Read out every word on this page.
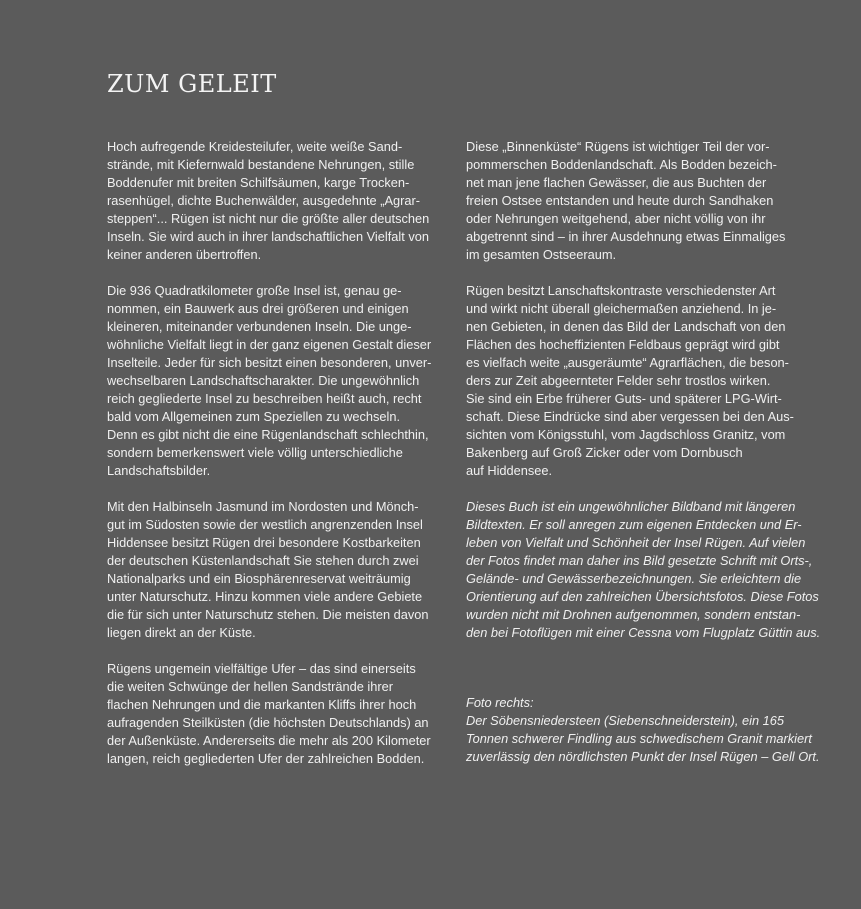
ZUM GELEIT

Hoch aufregende Kreidesteilufer, weite weiße Sand-
strände, mit Kiefernwald bestandene Nehrungen, stille
Boddenufer mit breiten Schilfsäumen, karge Trocken-
rasenhügel, dichte Buchenwälder, ausgedehnte „Agrar-
steppen“... Rügen ist nicht nur die größte aller deutschen
Inseln. Sie wird auch in ihrer landschaftlichen Vielfalt von
keiner anderen übertroffen.

Die 936 Quadratkilometer große Insel ist, genau ge-
nommen, ein Bauwerk aus drei größeren und einigen
kleineren, miteinander verbundenen Inseln. Die unge-
wöhnliche Vielfalt liegt in der ganz eigenen Gestalt dieser
Inselteile. Jeder für sich besitzt einen besonderen, unver-
wechselbaren Landschaftscharakter. Die ungewöhnlich
reich gegliederte Insel zu beschreiben heißt auch, recht
bald vom Allgemeinen zum Speziellen zu wechseln.
Denn es gibt nicht die eine Rügenlandschaft schlechthin,
sondern bemerkenswert viele völlig unterschiedliche
Landschaftsbilder.

Mit den Halbinseln Jasmund im Nordosten und Mönch-
gut im Südosten sowie der westlich angrenzenden Insel
Hiddensee besitzt Rügen drei besondere Kostbarkeiten
der deutschen Küstenlandschaft Sie stehen durch zwei
Nationalparks und ein Biosphärenreservat weiträumig
unter Naturschutz. Hinzu kommen viele andere Gebiete
die für sich unter Naturschutz stehen. Die meisten davon
liegen direkt an der Küste.

Rügens ungemein vielfältige Ufer – das sind einerseits
die weiten Schwünge der hellen Sandstrände ihrer
flachen Nehrungen und die markanten Kliffs ihrer hoch
aufragenden Steilküsten (die höchsten Deutschlands) an
der Außenküste. Andererseits die mehr als 200 Kilometer
langen, reich gegliederten Ufer der zahlreichen Bodden.

Diese „Binnenküste“ Rügens ist wichtiger Teil der vor-
pommerschen Boddenlandschaft. Als Bodden bezeich-
net man jene flachen Gewässer, die aus Buchten der
freien Ostsee entstanden und heute durch Sandhaken
oder Nehrungen weitgehend, aber nicht völlig von ihr
abgetrennt sind – in ihrer Ausdehnung etwas Einmaliges
im gesamten Ostseeraum.

Rügen besitzt Lanschaftskontraste verschiedenster Art
und wirkt nicht überall gleichermaßen anziehend. In je-
nen Gebieten, in denen das Bild der Landschaft von den
Flächen des hocheffizienten Feldbaus geprägt wird gibt
es vielfach weite „ausgeräumte“ Agrarflächen, die beson-
ders zur Zeit abgeernteter Felder sehr trostlos wirken.
Sie sind ein Erbe früherer Guts- und späterer LPG-Wirt-
schaft. Diese Eindrücke sind aber vergessen bei den Aus-
sichten vom Königsstuhl, vom Jagdschloss Granitz, vom
Bakenberg auf Groß Zicker oder vom Dornbusch
auf Hiddensee.

Dieses Buch ist ein ungewöhnlicher Bildband mit längeren
Bildtexten. Er soll anregen zum eigenen Entdecken und Er-
leben von Vielfalt und Schönheit der Insel Rügen. Auf vielen
der Fotos findet man daher ins Bild gesetzte Schrift mit Orts-,
Gelände- und Gewässerbezeichnungen. Sie erleichtern die
Orientierung auf den zahlreichen Übersichtsfotos. Diese Fotos
wurden nicht mit Drohnen aufgenommen, sondern entstan-
den bei Fotoflügen mit einer Cessna vom Flugplatz Güttin aus.

Foto rechts:
Der Söbensniedersteen (Siebenschneiderstein), ein 165
Tonnen schwerer Findling aus schwedischem Granit markiert
zuverlässig den nördlichsten Punkt der Insel Rügen – Gell Ort.
